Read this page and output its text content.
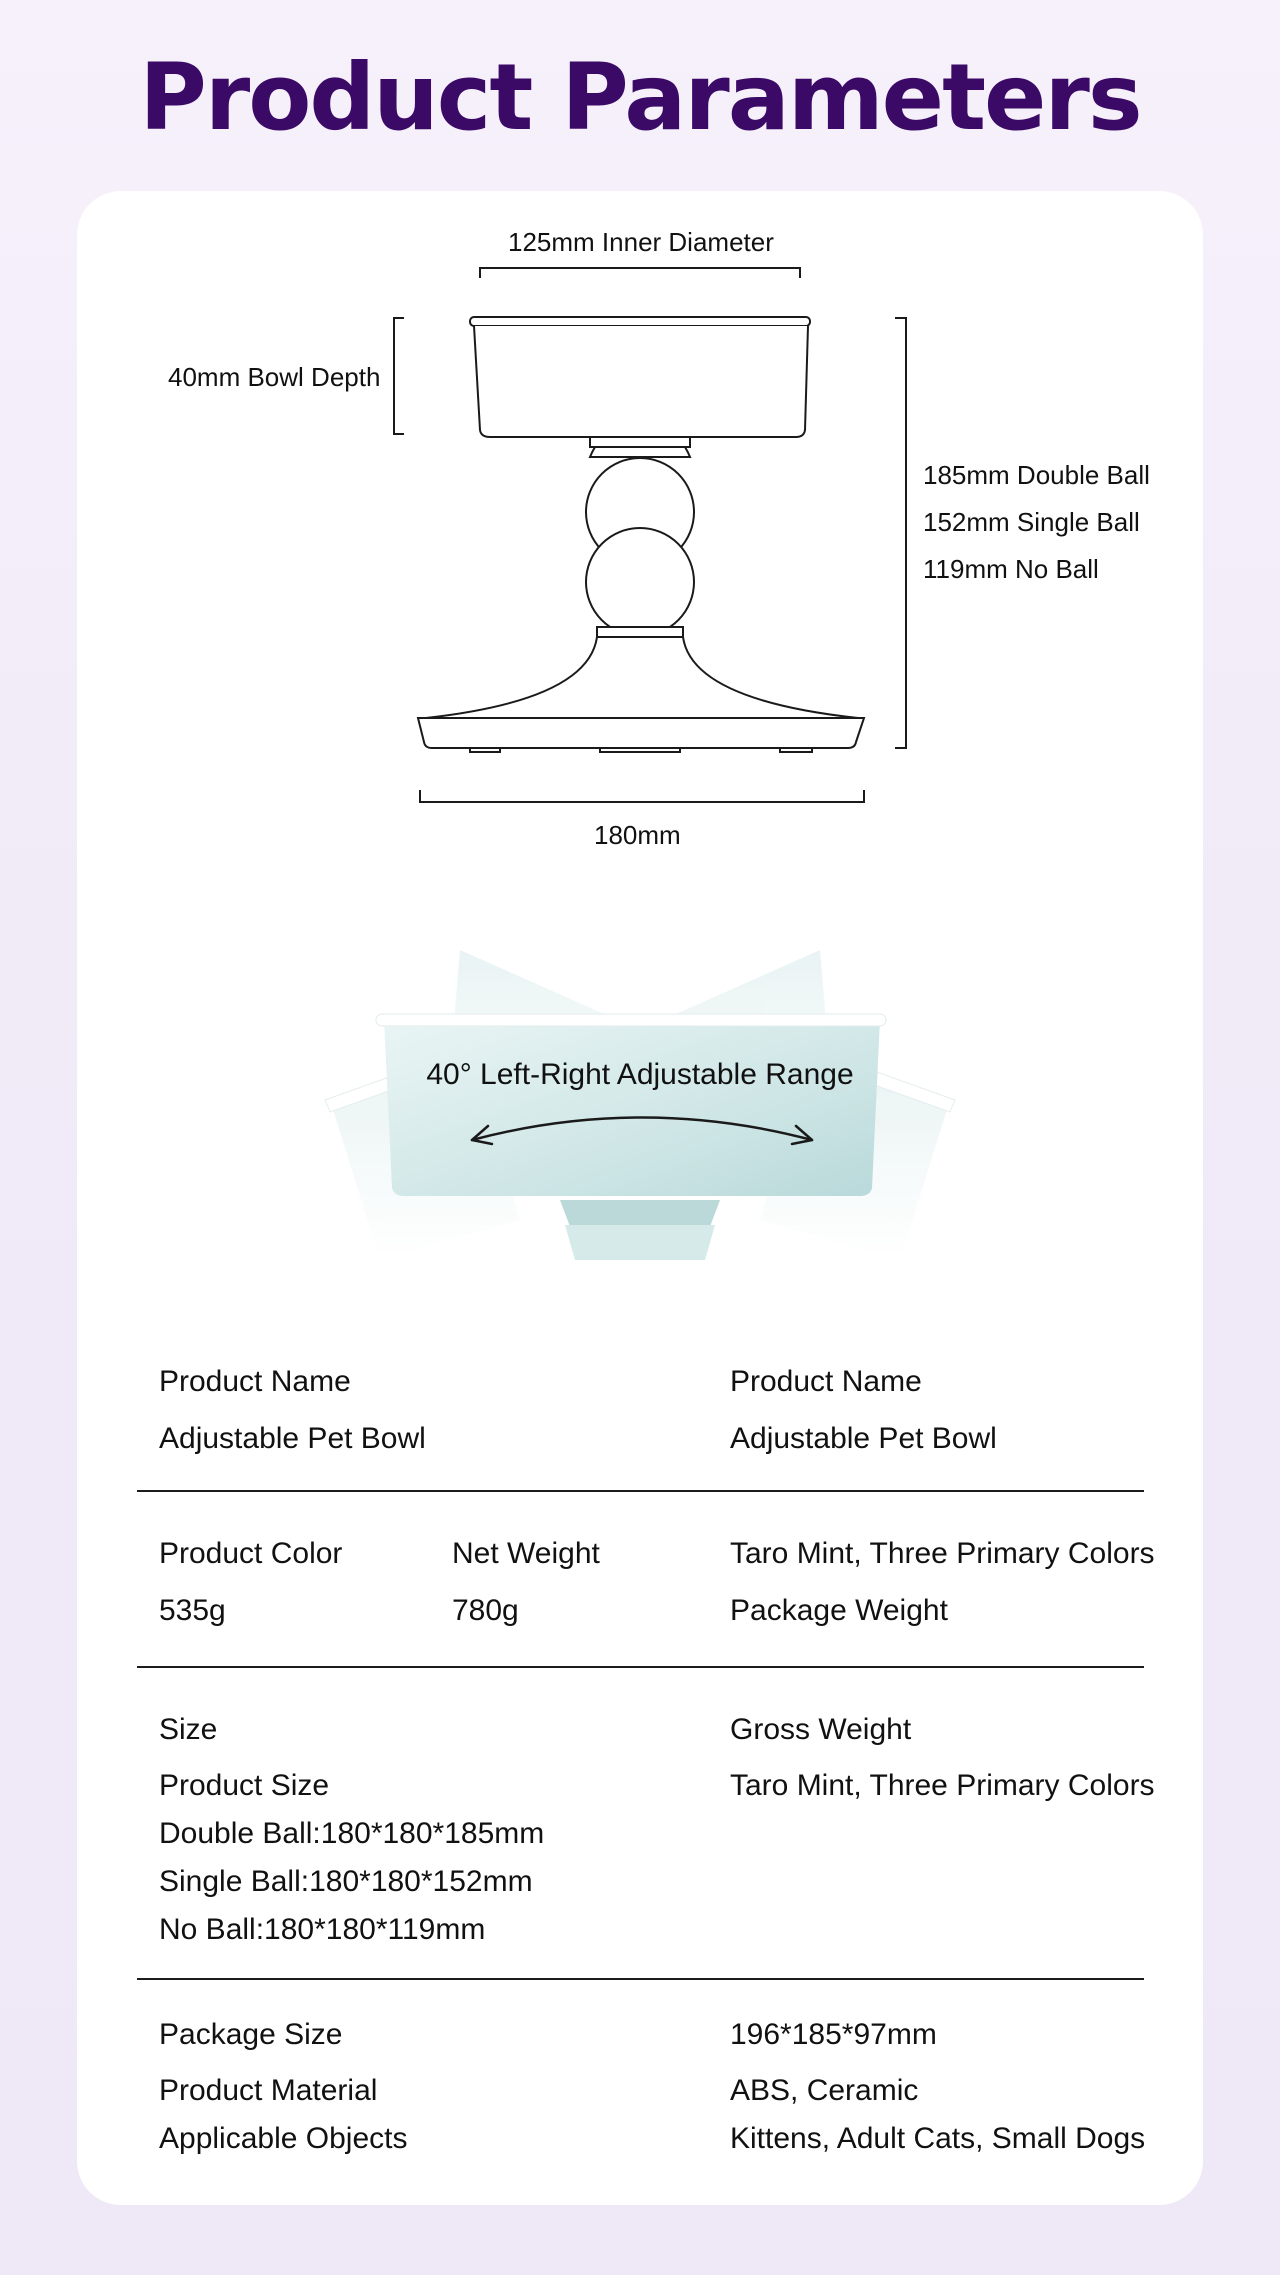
Product Parameters
125mm Inner Diameter
40mm Bowl Depth
185mm Double Ball
152mm Single Ball
119mm No Ball
180mm
40° Left-Right Adjustable Range
Product Name
Adjustable Pet Bowl
Product Name
Adjustable Pet Bowl
Product Color
535g
Net Weight
780g
Taro Mint, Three Primary Colors
Package Weight
Size
Product Size
Double Ball:180*180*185mm
Single Ball:180*180*152mm
No Ball:180*180*119mm
Gross Weight
Taro Mint, Three Primary Colors
Package Size
Product Material
Applicable Objects
196*185*97mm
ABS, Ceramic
Kittens, Adult Cats, Small Dogs
